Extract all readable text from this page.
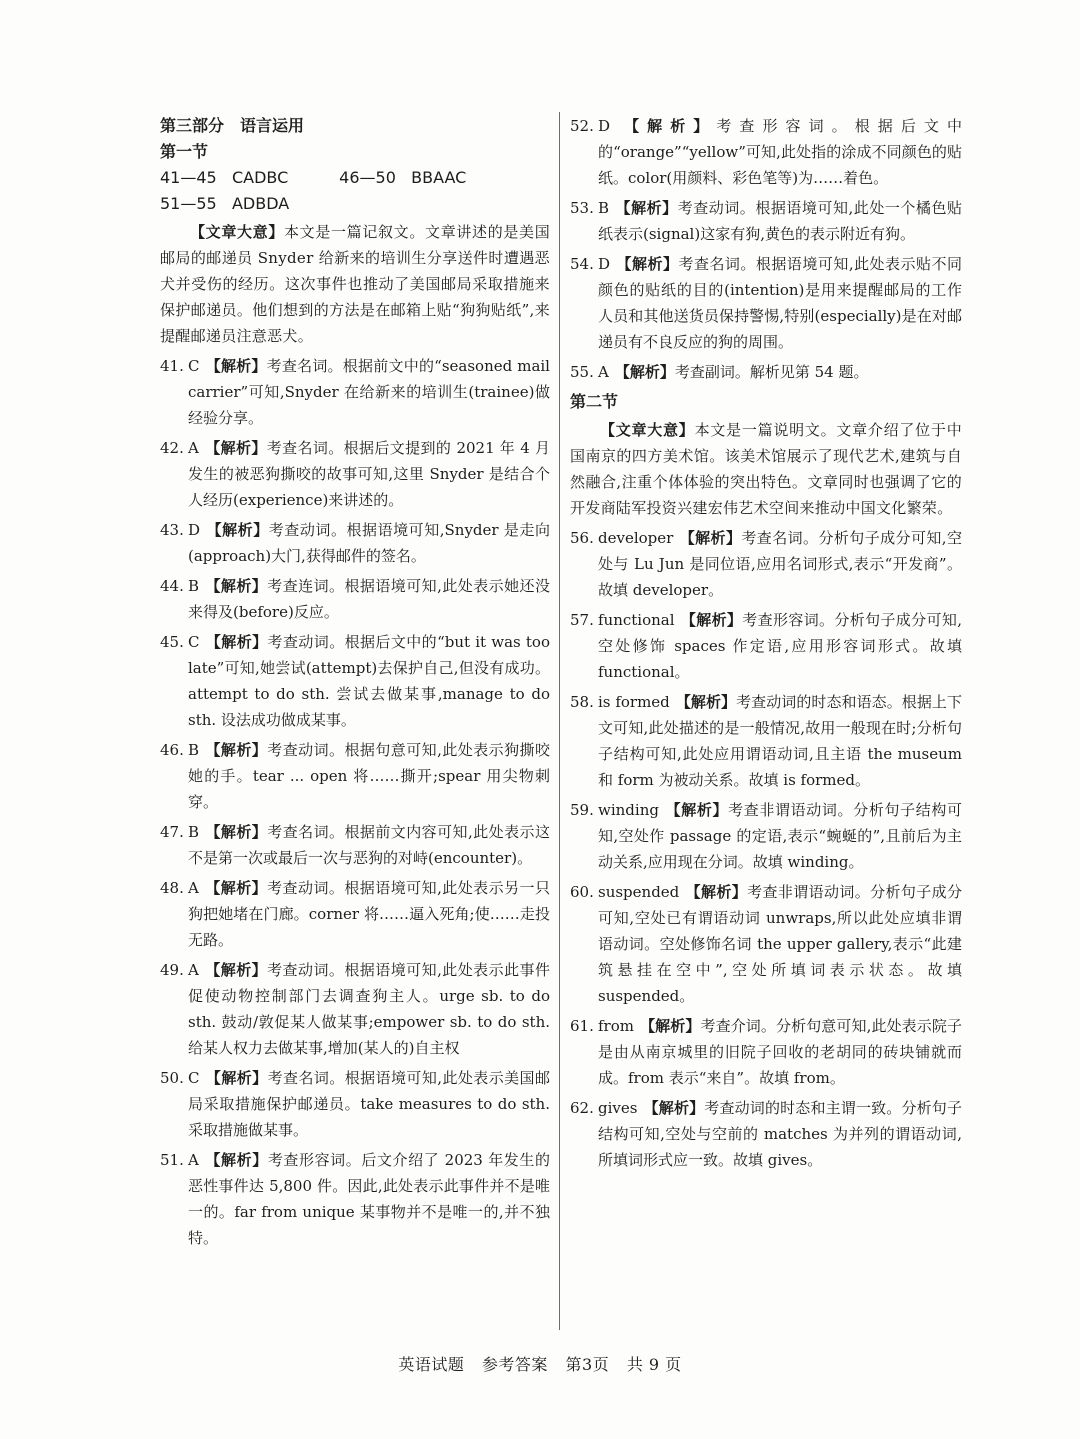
第三部分　语言运用
第一节
41—45 CADBC	46—50 BBAAC
51—55 ADBDA

【文章大意】本文是一篇记叙文。文章讲述的是美国邮局的邮递员 Snyder 给新来的培训生分享送件时遭遇恶犬并受伤的经历。这次事件也推动了美国邮局采取措施来保护邮递员。他们想到的方法是在邮箱上贴“狗狗贴纸”,来提醒邮递员注意恶犬。

41. C 【解析】考查名词。根据前文中的“seasoned mail carrier”可知,Snyder 在给新来的培训生(trainee)做经验分享。

42. A 【解析】考查名词。根据后文提到的 2021 年 4 月发生的被恶狗撕咬的故事可知,这里 Snyder 是结合个人经历(experience)来讲述的。

43. D 【解析】考查动词。根据语境可知,Snyder 是走向(approach)大门,获得邮件的签名。

44. B 【解析】考查连词。根据语境可知,此处表示她还没来得及(before)反应。

45. C 【解析】考查动词。根据后文中的“but it was too late”可知,她尝试(attempt)去保护自己,但没有成功。attempt to do sth. 尝试去做某事,manage to do sth. 设法成功做成某事。

46. B 【解析】考查动词。根据句意可知,此处表示狗撕咬她的手。tear ... open 将……撕开;spear 用尖物刺穿。

47. B 【解析】考查名词。根据前文内容可知,此处表示这不是第一次或最后一次与恶狗的对峙(encounter)。

48. A 【解析】考查动词。根据语境可知,此处表示另一只狗把她堵在门廊。corner 将……逼入死角;使……走投无路。

49. A 【解析】考查动词。根据语境可知,此处表示此事件促使动物控制部门去调查狗主人。urge sb. to do sth. 鼓动/敦促某人做某事;empower sb. to do sth. 给某人权力去做某事,增加(某人的)自主权

50. C 【解析】考查名词。根据语境可知,此处表示美国邮局采取措施保护邮递员。take measures to do sth. 采取措施做某事。

51. A 【解析】考查形容词。后文介绍了 2023 年发生的恶性事件达 5,800 件。因此,此处表示此事件并不是唯一的。far from unique 某事物并不是唯一的,并不独特。

52. D 【解析】考查形容词。根据后文中的“orange”“yellow”可知,此处指的涂成不同颜色的贴纸。color(用颜料、彩色笔等)为……着色。

53. B 【解析】考查动词。根据语境可知,此处一个橘色贴纸表示(signal)这家有狗,黄色的表示附近有狗。

54. D 【解析】考查名词。根据语境可知,此处表示贴不同颜色的贴纸的目的(intention)是用来提醒邮局的工作人员和其他送货员保持警惕,特别(especially)是在对邮递员有不良反应的狗的周围。

55. A 【解析】考查副词。解析见第 54 题。

第二节

【文章大意】本文是一篇说明文。文章介绍了位于中国南京的四方美术馆。该美术馆展示了现代艺术,建筑与自然融合,注重个体体验的突出特色。文章同时也强调了它的开发商陆军投资兴建宏伟艺术空间来推动中国文化繁荣。

56. developer 【解析】考查名词。分析句子成分可知,空处与 Lu Jun 是同位语,应用名词形式,表示“开发商”。故填 developer。

57. functional 【解析】考查形容词。分析句子成分可知,空处修饰 spaces 作定语,应用形容词形式。故填 functional。

58. is formed 【解析】考查动词的时态和语态。根据上下文可知,此处描述的是一般情况,故用一般现在时;分析句子结构可知,此处应用谓语动词,且主语 the museum 和 form 为被动关系。故填 is formed。

59. winding 【解析】考查非谓语动词。分析句子结构可知,空处作 passage 的定语,表示“蜿蜒的”,且前后为主动关系,应用现在分词。故填 winding。

60. suspended 【解析】考查非谓语动词。分析句子成分可知,空处已有谓语动词 unwraps,所以此处应填非谓语动词。空处修饰名词 the upper gallery,表示“此建筑悬挂在空中”,空处所填词表示状态。故填 suspended。

61. from 【解析】考查介词。分析句意可知,此处表示院子是由从南京城里的旧院子回收的老胡同的砖块铺就而成。from 表示“来自”。故填 from。

62. gives 【解析】考查动词的时态和主谓一致。分析句子结构可知,空处与空前的 matches 为并列的谓语动词,所填词形式应一致。故填 gives。

英语试题 参考答案 第3页 共 9 页
